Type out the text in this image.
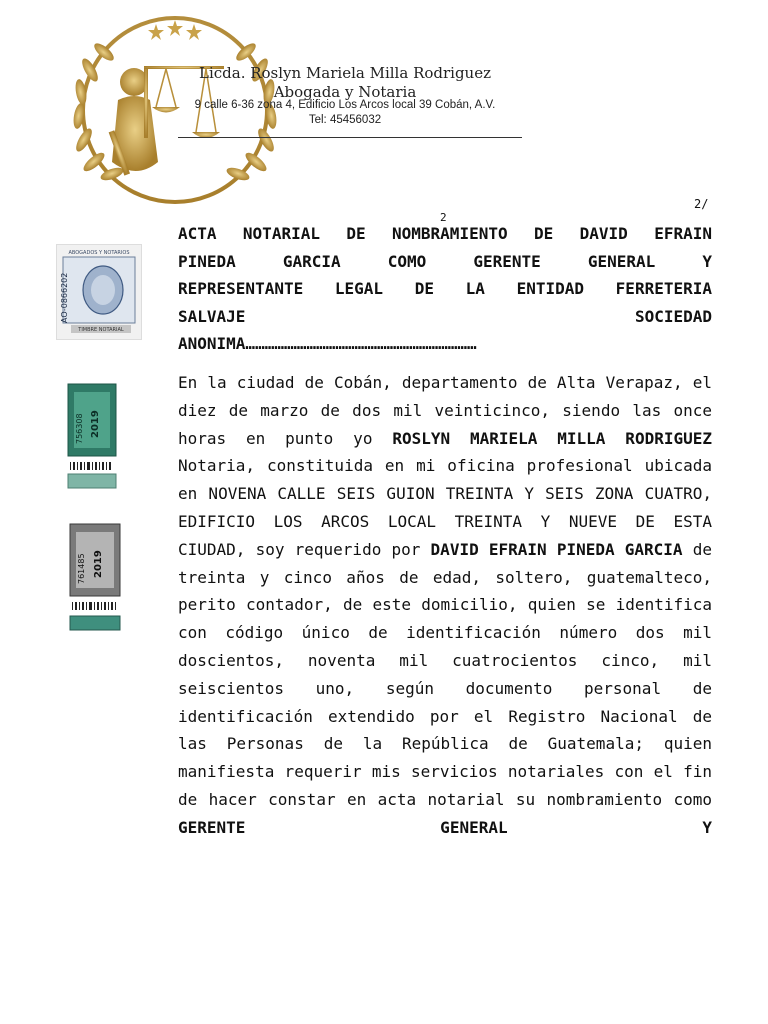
Licda. Roslyn Mariela Milla Rodriguez
Abogada y Notaria
9 calle 6-36 zona 4, Edificio Los Arcos local 39 Cobán, A.V.
Tel: 45456032
2/
2
AO-0866202
ABOGADOS Y NOTARIOS
TIMBRE NOTARIAL
756308 2019
761485 2019

ACTA NOTARIAL DE NOMBRAMIENTO DE DAVID EFRAIN

PINEDA GARCIA COMO GERENTE GENERAL Y

REPRESENTANTE LEGAL DE LA ENTIDAD FERRETERIA

SALVAJE SOCIEDAD

ANONIMA………………………………………………………………

En la ciudad de Cobán, departamento de Alta Verapaz, el diez de marzo de dos mil veinticinco, siendo las once horas en punto yo ROSLYN MARIELA MILLA RODRIGUEZ Notaria, constituida en mi oficina profesional ubicada en NOVENA CALLE SEIS GUION TREINTA Y SEIS ZONA CUATRO, EDIFICIO LOS ARCOS LOCAL TREINTA Y NUEVE DE ESTA CIUDAD, soy requerido por DAVID EFRAIN PINEDA GARCIA de treinta y cinco años de edad, soltero, guatemalteco, perito contador, de este domicilio, quien se identifica con código único de identificación número dos mil doscientos, noventa mil cuatrocientos cinco, mil seiscientos uno, según documento personal de identificación extendido por el Registro Nacional de las Personas de la República de Guatemala; quien manifiesta requerir mis servicios notariales con el fin de hacer constar en acta notarial su nombramiento como GERENTE GENERAL Y
